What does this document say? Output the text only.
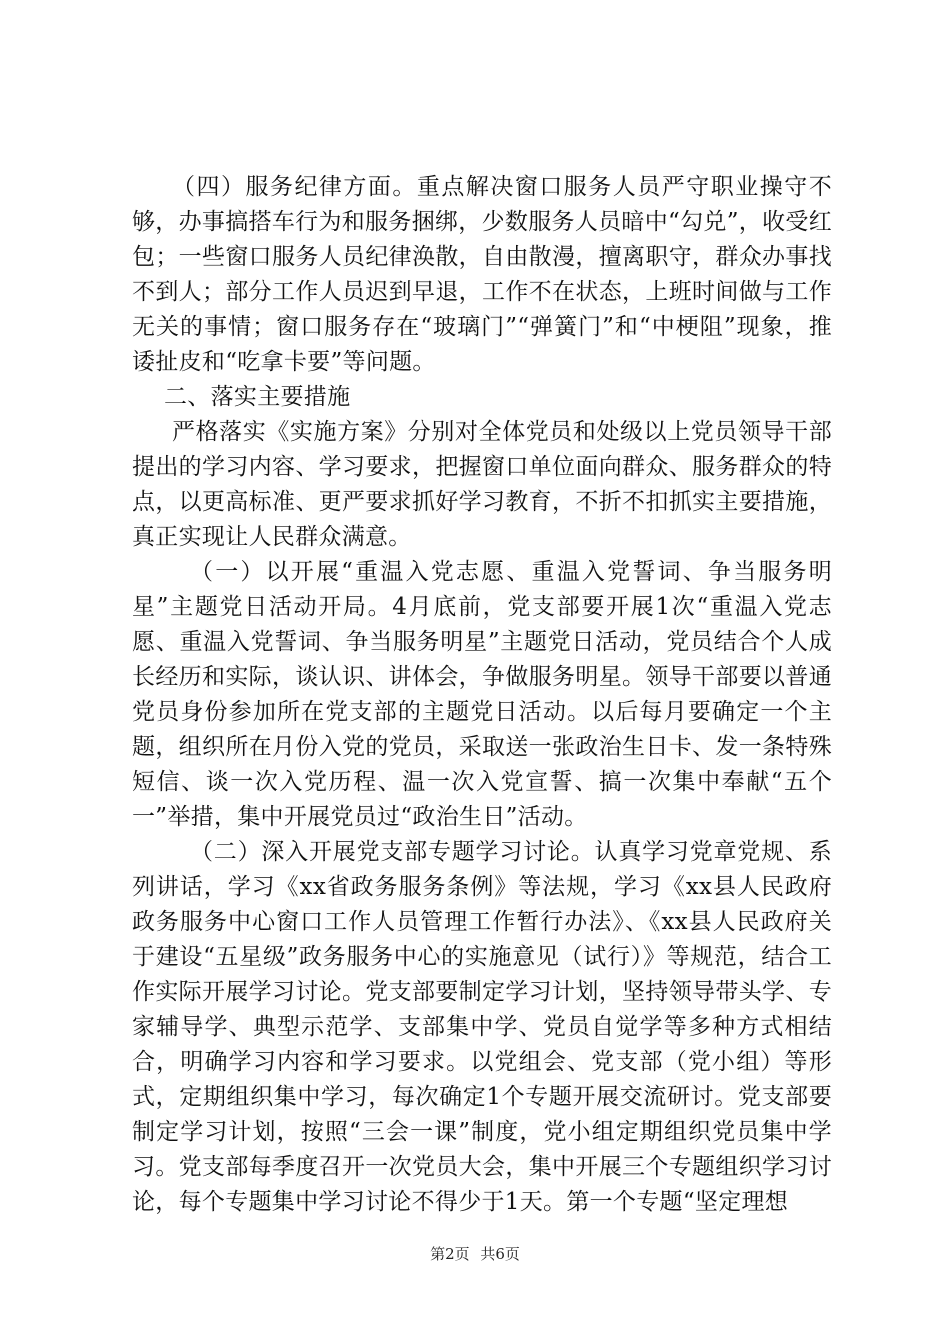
（四）服务纪律方面。重点解决窗口服务人员严守职业操守不够，办事搞搭车行为和服务捆绑，少数服务人员暗中“勾兑”，收受红包；一些窗口服务人员纪律涣散，自由散漫，擅离职守，群众办事找不到人；部分工作人员迟到早退，工作不在状态，上班时间做与工作无关的事情；窗口服务存在“玻璃门”“弹簧门”和“中梗阻”现象，推诿扯皮和“吃拿卡要”等问题。

二、落实主要措施

严格落实《实施方案》分别对全体党员和处级以上党员领导干部提出的学习内容、学习要求，把握窗口单位面向群众、服务群众的特点，以更高标准、更严要求抓好学习教育，不折不扣抓实主要措施，真正实现让人民群众满意。

（一）以开展“重温入党志愿、重温入党誓词、争当服务明星”主题党日活动开局。4月底前，党支部要开展1次“重温入党志愿、重温入党誓词、争当服务明星”主题党日活动，党员结合个人成长经历和实际，谈认识、讲体会，争做服务明星。领导干部要以普通党员身份参加所在党支部的主题党日活动。以后每月要确定一个主题，组织所在月份入党的党员，采取送一张政治生日卡、发一条特殊短信、谈一次入党历程、温一次入党宣誓、搞一次集中奉献“五个一”举措，集中开展党员过“政治生日”活动。

（二）深入开展党支部专题学习讨论。认真学习党章党规、系列讲话，学习《xx省政务服务条例》等法规，学习《xx县人民政府政务服务中心窗口工作人员管理工作暂行办法》、《xx县人民政府关于建设“五星级”政务服务中心的实施意见（试行）》等规范，结合工作实际开展学习讨论。党支部要制定学习计划，坚持领导带头学、专家辅导学、典型示范学、支部集中学、党员自觉学等多种方式相结合，明确学习内容和学习要求。以党组会、党支部（党小组）等形式，定期组织集中学习，每次确定1个专题开展交流研讨。党支部要制定学习计划，按照“三会一课”制度，党小组定期组织党员集中学习。党支部每季度召开一次党员大会，集中开展三个专题组织学习讨论，每个专题集中学习讨论不得少于1天。第一个专题“坚定理想

第2页 共6页
